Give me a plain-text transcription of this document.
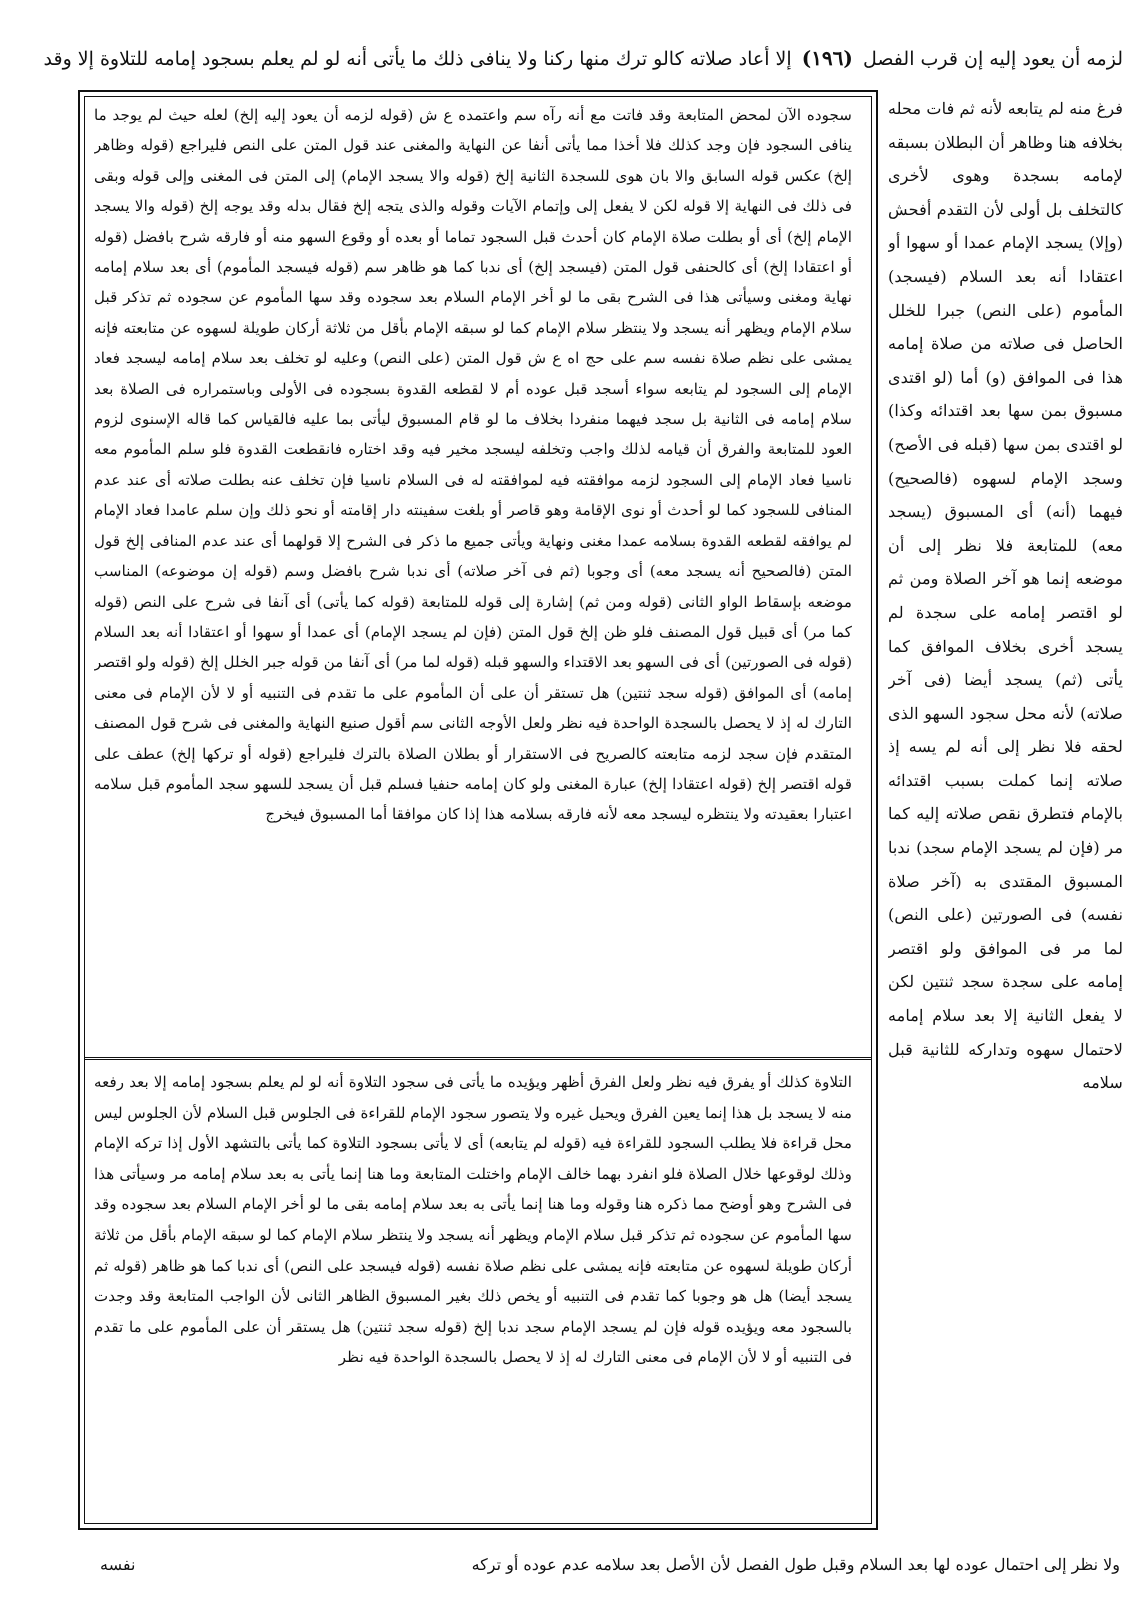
لزمه أن يعود إليه إن قرب الفصل (١٩٦) إلا أعاد صلاته كالو ترك منها ركنا ولا ينافى ذلك ما يأتى أنه لو لم يعلم بسجود إمامه للتلاوة إلا وقد
سجوده الآن لمحض المتابعة وقد فاتت مع أنه رآه سم واعتمده ع ش (قوله لزمه أن يعود إليه إلخ) لعله حيث لم يوجد ما ينافى السجود فإن وجد كذلك فلا أخذا مما يأتى أنفا عن النهاية والمغنى عند قول المتن على النص فليراجع (قوله وظاهر إلخ) عكس قوله السابق والا بان هوى للسجدة الثانية إلخ (قوله والا يسجد الإمام) إلى المتن فى المغنى وإلى قوله وبقى فى ذلك فى النهاية إلا قوله لكن لا يفعل إلى وإتمام الآيات وقوله والذى يتجه إلخ فقال بدله وقد يوجه إلخ (قوله والا يسجد الإمام إلخ) أى أو بطلت صلاة الإمام كان أحدث قبل السجود تماما أو بعده أو وقوع السهو منه أو فارقه شرح بافضل (قوله أو اعتقادا إلخ) أى كالحنفى قول المتن (فيسجد إلخ) أى ندبا كما هو ظاهر سم (قوله فيسجد المأموم) أى بعد سلام إمامه نهاية ومغنى وسيأتى هذا فى الشرح بقى ما لو أخر الإمام السلام بعد سجوده وقد سها المأموم عن سجوده ثم تذكر قبل سلام الإمام ويظهر أنه يسجد ولا ينتظر سلام الإمام كما لو سبقه الإمام بأقل من ثلاثة أركان طويلة لسهوه عن متابعته فإنه يمشى على نظم صلاة نفسه سم على حج اه ع ش قول المتن (على النص) وعليه لو تخلف بعد سلام إمامه ليسجد فعاد الإمام إلى السجود لم يتابعه سواء أسجد قبل عوده أم لا لقطعه القدوة بسجوده فى الأولى وباستمراره فى الصلاة بعد سلام إمامه فى الثانية بل سجد فيهما منفردا بخلاف ما لو قام المسبوق ليأتى بما عليه فالقياس كما قاله الإسنوى لزوم العود للمتابعة والفرق أن قيامه لذلك واجب وتخلفه ليسجد مخير فيه وقد اختاره فانقطعت القدوة فلو سلم المأموم معه ناسيا فعاد الإمام إلى السجود لزمه موافقته فيه لموافقته له فى السلام ناسيا فإن تخلف عنه بطلت صلاته أى عند عدم المنافى للسجود كما لو أحدث أو نوى الإقامة وهو قاصر أو بلغت سفينته دار إقامته أو نحو ذلك وإن سلم عامدا فعاد الإمام لم يوافقه لقطعه القدوة بسلامه عمدا مغنى ونهاية ويأتى جميع ما ذكر فى الشرح إلا قولهما أى عند عدم المنافى إلخ قول المتن (فالصحيح أنه يسجد معه) أى وجوبا (ثم فى آخر صلاته) أى ندبا شرح بافضل وسم (قوله إن موضوعه) المناسب موضعه بإسقاط الواو الثانى (قوله ومن ثم) إشارة إلى قوله للمتابعة (قوله كما يأتى) أى آنفا فى شرح على النص (قوله كما مر) أى قبيل قول المصنف فلو ظن إلخ قول المتن (فإن لم يسجد الإمام) أى عمدا أو سهوا أو اعتقادا أنه بعد السلام (قوله فى الصورتين) أى فى السهو بعد الاقتداء والسهو قبله (قوله لما مر) أى آنفا من قوله جبر الخلل إلخ (قوله ولو اقتصر إمامه) أى الموافق (قوله سجد ثنتين) هل تستقر أن على أن المأموم على ما تقدم فى التنبيه أو لا لأن الإمام فى معنى التارك له إذ لا يحصل بالسجدة الواحدة فيه نظر ولعل الأوجه الثانى سم أقول صنيع النهاية والمغنى فى شرح قول المصنف المتقدم فإن سجد لزمه متابعته كالصريح فى الاستقرار أو بطلان الصلاة بالترك فليراجع (قوله أو تركها إلخ) عطف على قوله اقتصر إلخ (قوله اعتقادا إلخ) عبارة المغنى ولو كان إمامه حنفيا فسلم قبل أن يسجد للسهو سجد المأموم قبل سلامه اعتبارا بعقيدته ولا ينتظره ليسجد معه لأنه فارقه بسلامه هذا إذا كان موافقا أما المسبوق فيخرج
التلاوة كذلك أو يفرق فيه نظر ولعل الفرق أظهر ويؤيده ما يأتى فى سجود التلاوة أنه لو لم يعلم بسجود إمامه إلا بعد رفعه منه لا يسجد بل هذا إنما يعين الفرق ويحيل غيره ولا يتصور سجود الإمام للقراءة فى الجلوس قبل السلام لأن الجلوس ليس محل قراءة فلا يطلب السجود للقراءة فيه (قوله لم يتابعه) أى لا يأتى بسجود التلاوة كما يأتى بالتشهد الأول إذا تركه الإمام وذلك لوقوعها خلال الصلاة فلو انفرد بهما خالف الإمام واختلت المتابعة وما هنا إنما يأتى به بعد سلام إمامه مر وسيأتى هذا فى الشرح وهو أوضح مما ذكره هنا وقوله وما هنا إنما يأتى به بعد سلام إمامه بقى ما لو أخر الإمام السلام بعد سجوده وقد سها المأموم عن سجوده ثم تذكر قبل سلام الإمام ويظهر أنه يسجد ولا ينتظر سلام الإمام كما لو سبقه الإمام بأقل من ثلاثة أركان طويلة لسهوه عن متابعته فإنه يمشى على نظم صلاة نفسه (قوله فيسجد على النص) أى ندبا كما هو ظاهر (قوله ثم يسجد أيضا) هل هو وجوبا كما تقدم فى التنبيه أو يخص ذلك بغير المسبوق الظاهر الثانى لأن الواجب المتابعة وقد وجدت بالسجود معه ويؤيده قوله فإن لم يسجد الإمام سجد ندبا إلخ (قوله سجد ثنتين) هل يستقر أن على المأموم على ما تقدم فى التنبيه أو لا لأن الإمام فى معنى التارك له إذ لا يحصل بالسجدة الواحدة فيه نظر
فرغ منه لم يتابعه لأنه ثم فات محله بخلافه هنا وظاهر أن البطلان بسبقه لإمامه بسجدة وهوى لأخرى كالتخلف بل أولى لأن التقدم أفحش (وإلا) يسجد الإمام عمدا أو سهوا أو اعتقادا أنه بعد السلام (فيسجد) المأموم (على النص) جبرا للخلل الحاصل فى صلاته من صلاة إمامه هذا فى الموافق (و) أما (لو اقتدى مسبوق بمن سها بعد اقتدائه وكذا) لو اقتدى بمن سها (قبله فى الأصح) وسجد الإمام لسهوه (فالصحيح) فيهما (أنه) أى المسبوق (يسجد معه) للمتابعة فلا نظر إلى أن موضعه إنما هو آخر الصلاة ومن ثم لو اقتصر إمامه على سجدة لم يسجد أخرى بخلاف الموافق كما يأتى (ثم) يسجد أيضا (فى آخر صلاته) لأنه محل سجود السهو الذى لحقه فلا نظر إلى أنه لم يسه إذ صلاته إنما كملت بسبب اقتدائه بالإمام فتطرق نقص صلاته إليه كما مر (فإن لم يسجد الإمام سجد) ندبا المسبوق المقتدى به (آخر صلاة نفسه) فى الصورتين (على النص) لما مر فى الموافق ولو اقتصر إمامه على سجدة سجد ثنتين لكن لا يفعل الثانية إلا بعد سلام إمامه لاحتمال سهوه وتداركه للثانية قبل سلامه
ولا نظر إلى احتمال عوده لها بعد السلام وقبل طول الفصل لأن الأصل بعد سلامه عدم عوده أو تركه
نفسه
